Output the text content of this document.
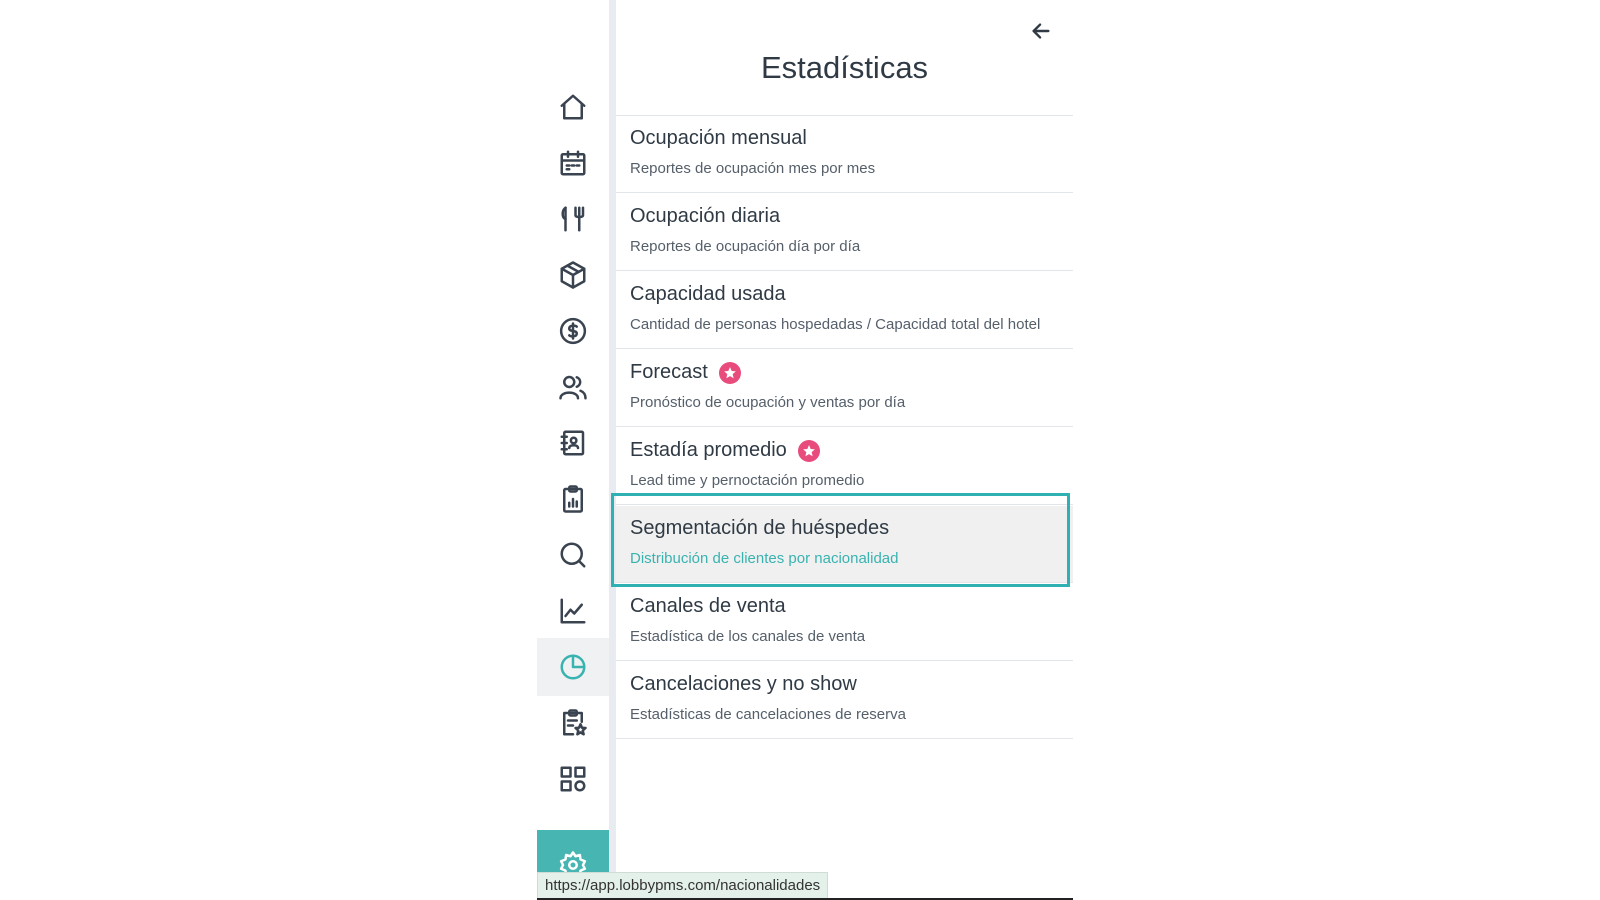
Estadísticas
Ocupación mensual
Reportes de ocupación mes por mes
Ocupación diaria
Reportes de ocupación día por día
Capacidad usada
Cantidad de personas hospedadas / Capacidad total del hotel
Forecast
Pronóstico de ocupación y ventas por día
Estadía promedio
Lead time y pernoctación promedio
Segmentación de huéspedes
Distribución de clientes por nacionalidad
Canales de venta
Estadística de los canales de venta
Cancelaciones y no show
Estadísticas de cancelaciones de reserva
https://app.lobbypms.com/nacionalidades
